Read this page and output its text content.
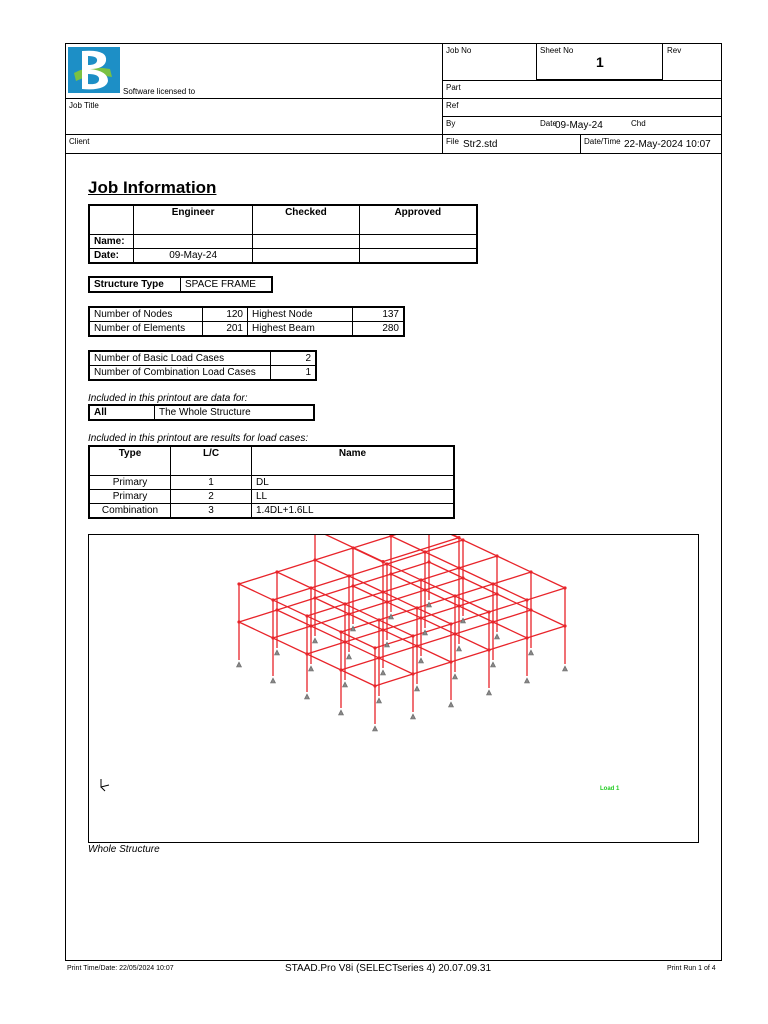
Software licensed to
Job Title
Client
Job No	Sheet No
1
Rev
Part
Ref
By	Date
09-May-24	Chd
File Str2.std	Date/Time 22-May-2024 10:07
Job Information
	Engineer	Checked	Approved
Name:			
Date:	09-May-24		
Structure Type	SPACE FRAME
Number of Nodes	120	Highest Node	137
Number of Elements	201	Highest Beam	280
Number of Basic Load Cases	2
Number of Combination Load Cases	1
Included in this printout are data for:
All	The Whole Structure
Included in this printout are results for load cases:
Type	L/C	Name
Primary	1	DL
Primary	2	LL
Combination	3	1.4DL+1.6LL
Load 1
Whole Structure
Print Time/Date: 22/05/2024 10:07	STAAD.Pro V8i (SELECTseries 4) 20.07.09.31	Print Run 1 of 4
